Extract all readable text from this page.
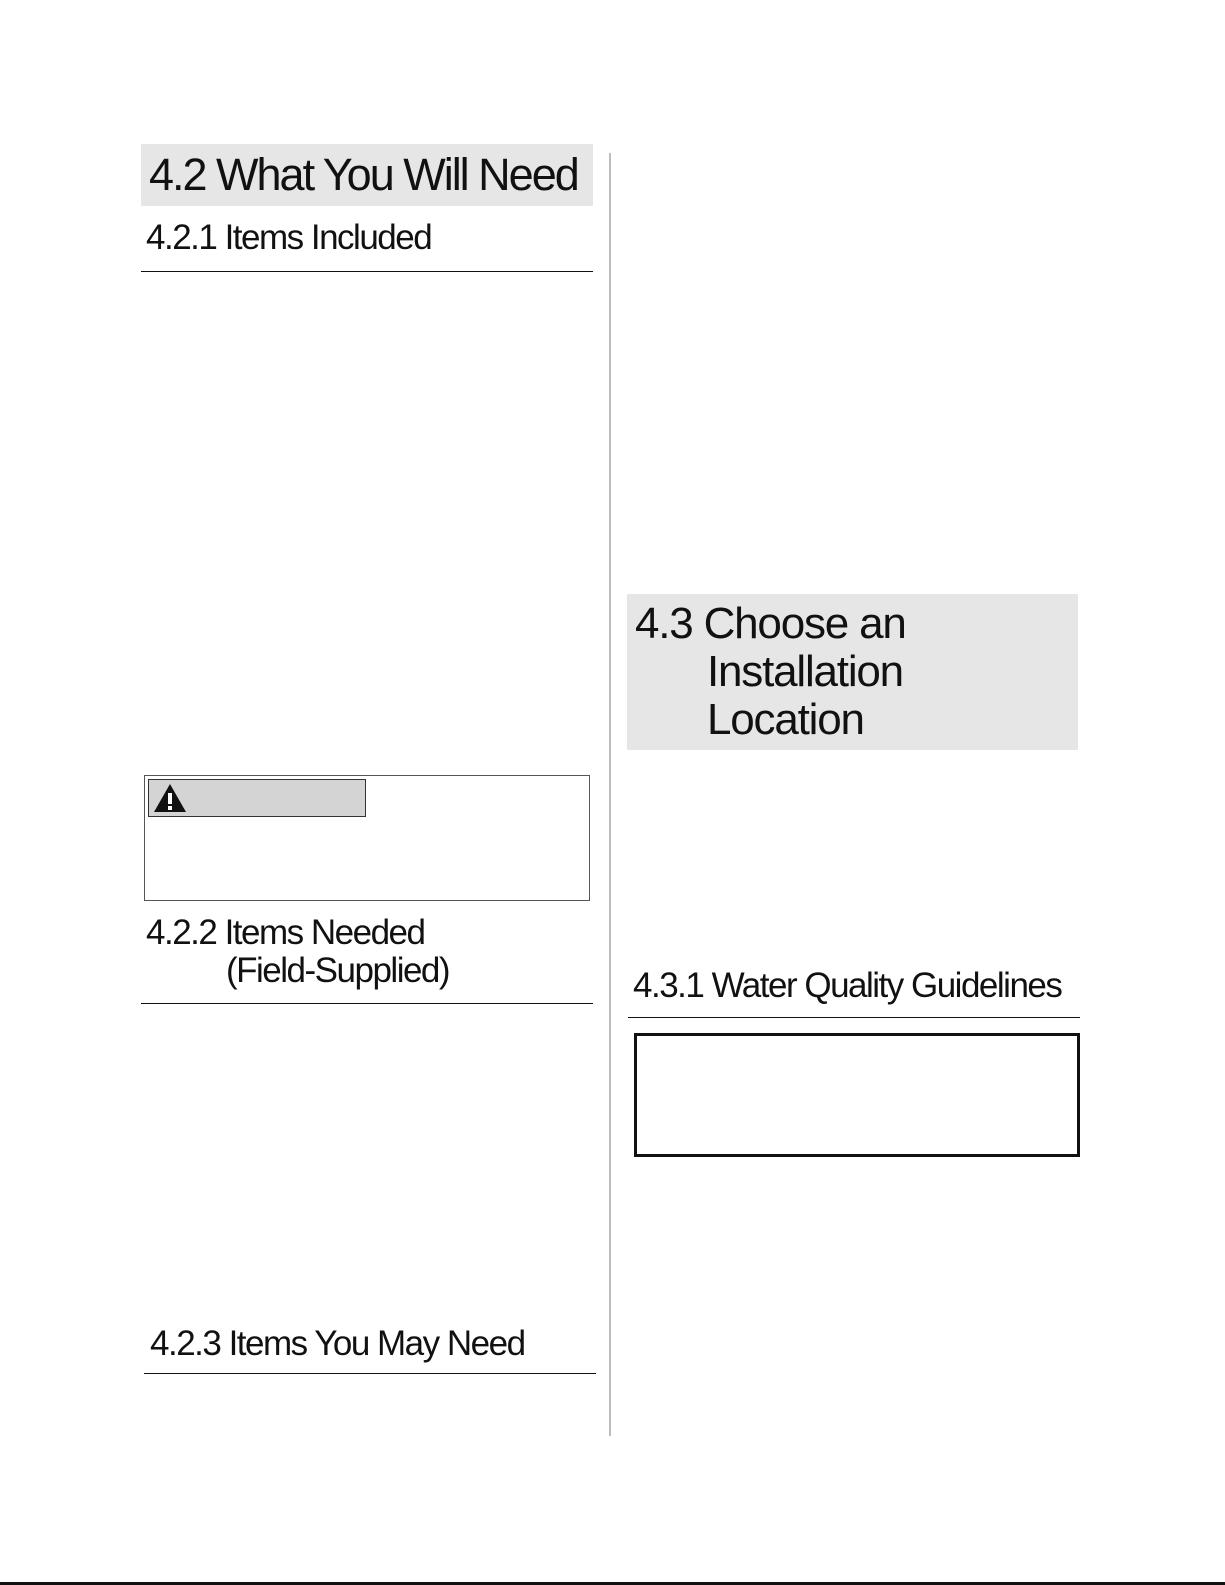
4.2 What You Will Need
4.2.1 Items Included
4.2.2 Items Needed
(Field-Supplied)
4.2.3 Items You May Need
4.3 Choose an
Installation
Location
4.3.1 Water Quality Guidelines
